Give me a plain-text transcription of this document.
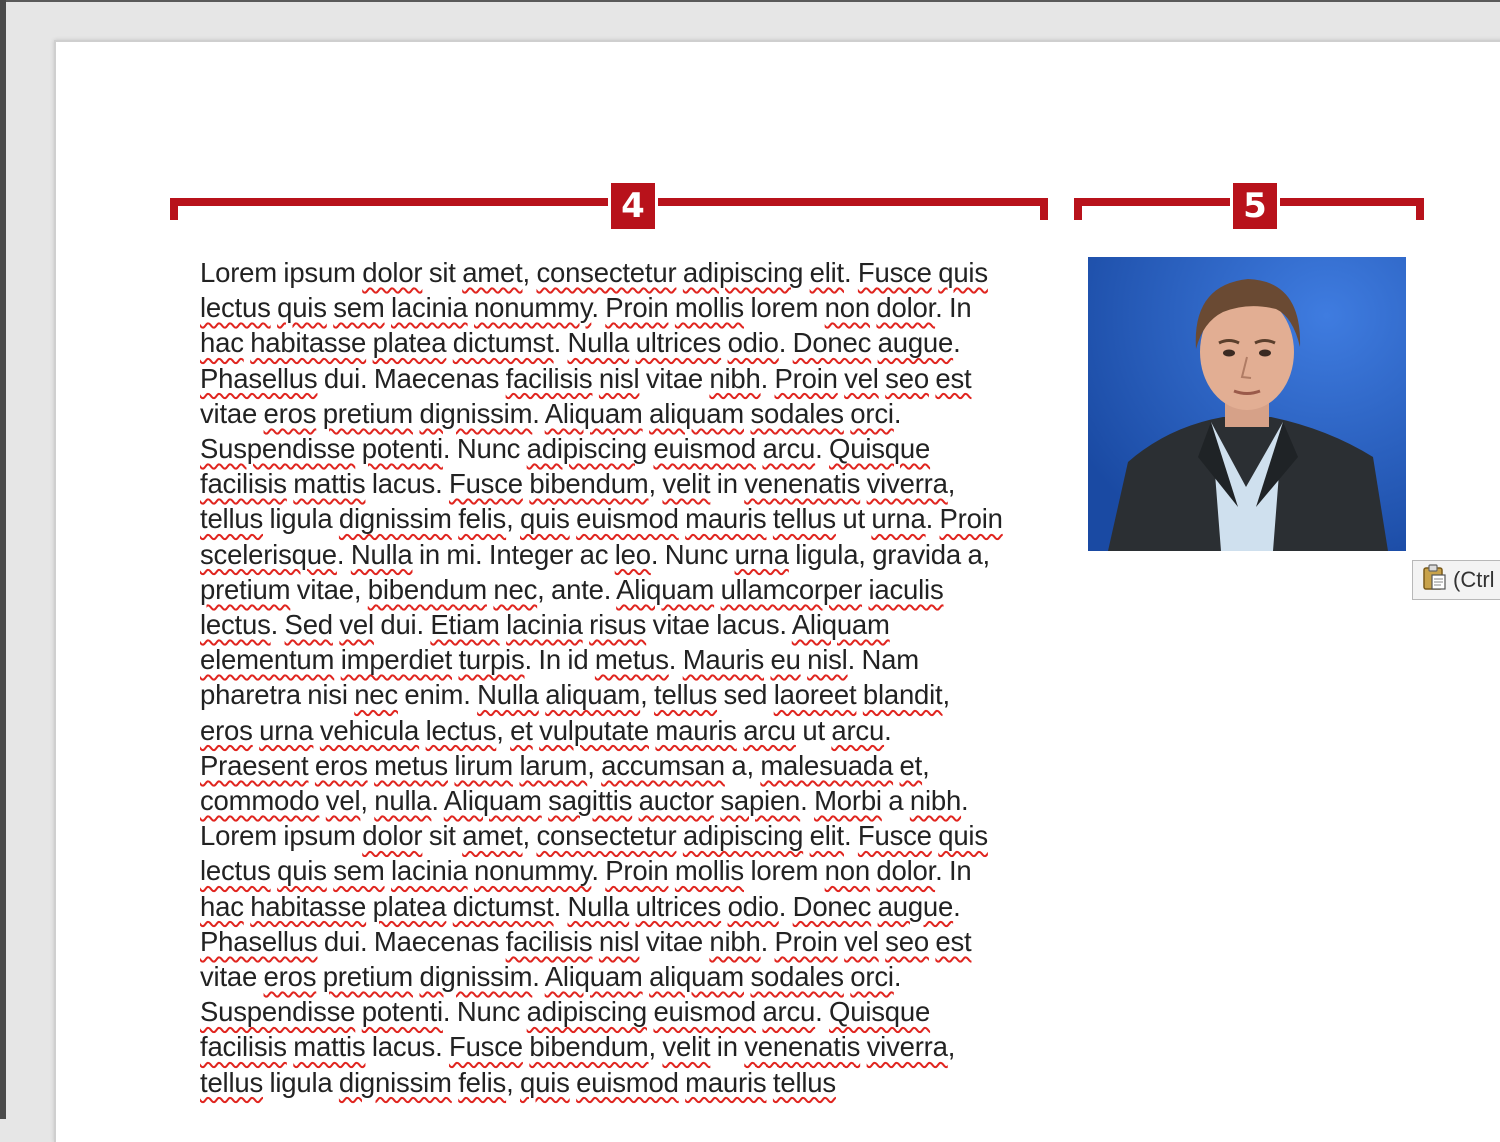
4	5
Lorem ipsum dolor sit amet, consectetur adipiscing elit. Fusce quis lectus quis sem lacinia nonummy. Proin mollis lorem non dolor. In hac habitasse platea dictumst. Nulla ultrices odio. Donec augue. Phasellus dui. Maecenas facilisis nisl vitae nibh. Proin vel seo est vitae eros pretium dignissim. Aliquam aliquam sodales orci. Suspendisse potenti. Nunc adipiscing euismod arcu. Quisque facilisis mattis lacus. Fusce bibendum, velit in venenatis viverra, tellus ligula dignissim felis, quis euismod mauris tellus ut urna. Proin scelerisque. Nulla in mi. Integer ac leo. Nunc urna ligula, gravida a, pretium vitae, bibendum nec, ante. Aliquam ullamcorper iaculis lectus. Sed vel dui. Etiam lacinia risus vitae lacus. Aliquam elementum imperdiet turpis. In id metus. Mauris eu nisl. Nam pharetra nisi nec enim. Nulla aliquam, tellus sed laoreet blandit, eros urna vehicula lectus, et vulputate mauris arcu ut arcu. Praesent eros metus lirum larum, accumsan a, malesuada et, commodo vel, nulla. Aliquam sagittis auctor sapien. Morbi a nibh. Lorem ipsum dolor sit amet, consectetur adipiscing elit. Fusce quis lectus quis sem lacinia nonummy. Proin mollis lorem non dolor. In hac habitasse platea dictumst. Nulla ultrices odio. Donec augue. Phasellus dui. Maecenas facilisis nisl vitae nibh. Proin vel seo est vitae eros pretium dignissim. Aliquam aliquam sodales orci. Suspendisse potenti. Nunc adipiscing euismod arcu. Quisque facilisis mattis lacus. Fusce bibendum, velit in venenatis viverra, tellus ligula dignissim felis, quis euismod mauris tellus
(Ctrl
